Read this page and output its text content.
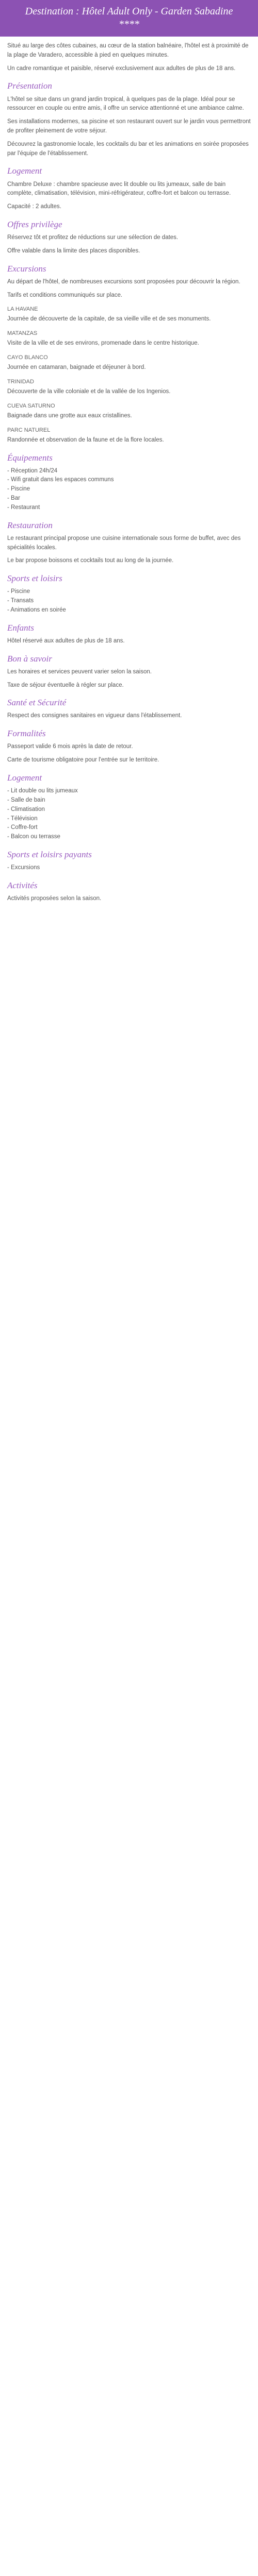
Destination : Hôtel Adult Only - Garden Sabadine ****

Situé au large des côtes cubaines, au cœur de la station balnéaire, l'hôtel est à proximité de la plage de Varadero, accessible à pied en quelques minutes.

Un cadre romantique et paisible, réservé exclusivement aux adultes de plus de 18 ans.

Présentation

L'hôtel se situe dans un grand jardin tropical, à quelques pas de la plage. Idéal pour se ressourcer en couple ou entre amis, il offre un service attentionné et une ambiance calme.

Ses installations modernes, sa piscine et son restaurant ouvert sur le jardin vous permettront de profiter pleinement de votre séjour.

Découvrez la gastronomie locale, les cocktails du bar et les animations en soirée proposées par l'équipe de l'établissement.

Logement

Chambre Deluxe : chambre spacieuse avec lit double ou lits jumeaux, salle de bain complète, climatisation, télévision, mini-réfrigérateur, coffre-fort et balcon ou terrasse.

Capacité : 2 adultes.

Offres privilège

Réservez tôt et profitez de réductions sur une sélection de dates.

Offre valable dans la limite des places disponibles.

Excursions

Au départ de l'hôtel, de nombreuses excursions sont proposées pour découvrir la région.

Tarifs et conditions communiqués sur place.

LA HAVANE

Journée de découverte de la capitale, de sa vieille ville et de ses monuments.

MATANZAS

Visite de la ville et de ses environs, promenade dans le centre historique.

CAYO BLANCO

Journée en catamaran, baignade et déjeuner à bord.

TRINIDAD

Découverte de la ville coloniale et de la vallée de los Ingenios.

CUEVA SATURNO

Baignade dans une grotte aux eaux cristallines.

PARC NATUREL

Randonnée et observation de la faune et de la flore locales.

Équipements
- Réception 24h/24
- Wifi gratuit dans les espaces communs
- Piscine
- Bar
- Restaurant
Restauration

Le restaurant principal propose une cuisine internationale sous forme de buffet, avec des spécialités locales.

Le bar propose boissons et cocktails tout au long de la journée.

Sports et loisirs
- Piscine
- Transats
- Animations en soirée
Enfants

Hôtel réservé aux adultes de plus de 18 ans.

Bon à savoir

Les horaires et services peuvent varier selon la saison.

Taxe de séjour éventuelle à régler sur place.

Santé et Sécurité

Respect des consignes sanitaires en vigueur dans l'établissement.

Formalités

Passeport valide 6 mois après la date de retour.

Carte de tourisme obligatoire pour l'entrée sur le territoire.

Logement
- Lit double ou lits jumeaux
- Salle de bain
- Climatisation
- Télévision
- Coffre-fort
- Balcon ou terrasse
Sports et loisirs payants
- Excursions
Activités

Activités proposées selon la saison.
